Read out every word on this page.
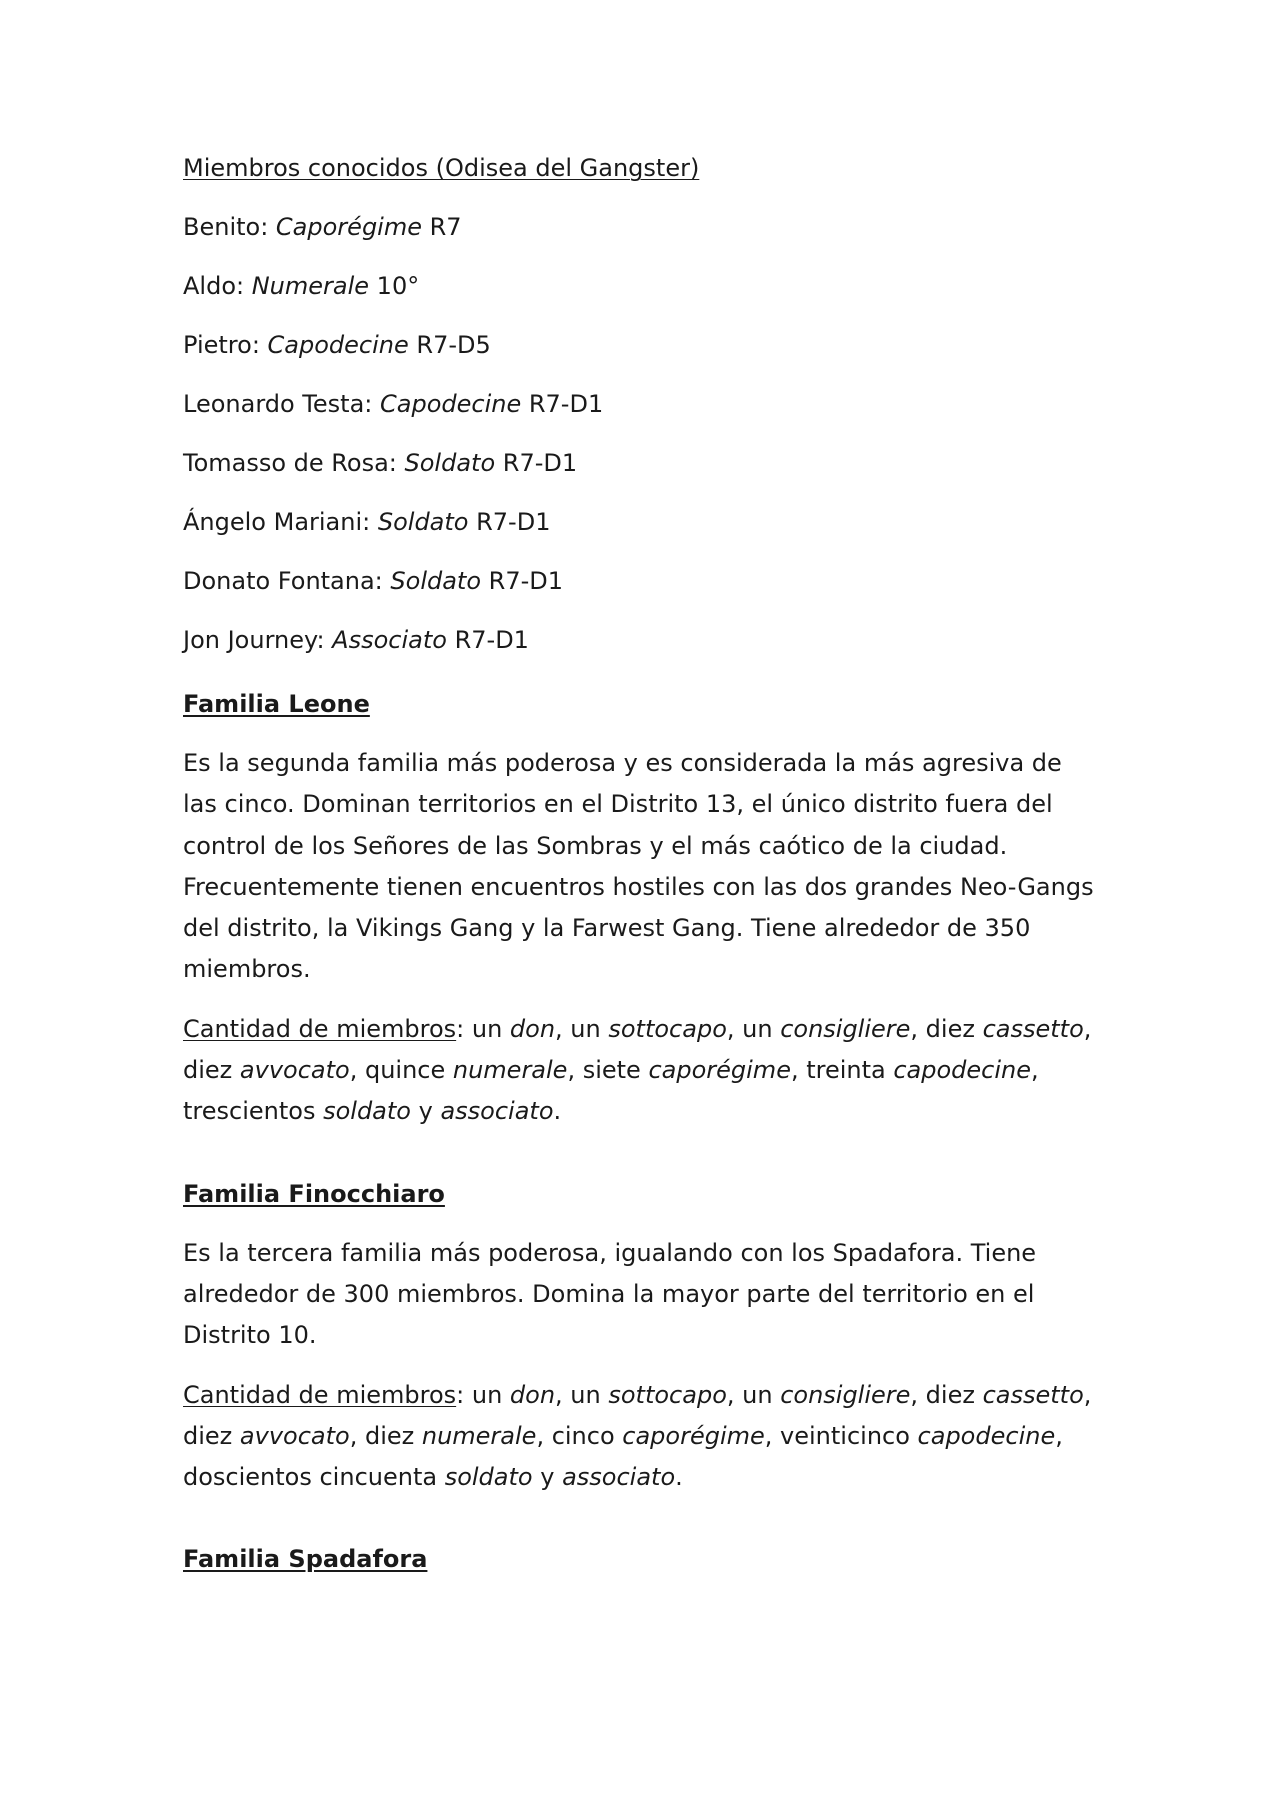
Miembros conocidos (Odisea del Gangster)

Benito: Caporégime R7

Aldo: Numerale 10°

Pietro: Capodecine R7-D5

Leonardo Testa: Capodecine R7-D1

Tomasso de Rosa: Soldato R7-D1

Ángelo Mariani: Soldato R7-D1

Donato Fontana: Soldato R7-D1

Jon Journey: Associato R7-D1

Familia Leone

Es la segunda familia más poderosa y es considerada la más agresiva de las cinco. Dominan territorios en el Distrito 13, el único distrito fuera del control de los Señores de las Sombras y el más caótico de la ciudad. Frecuentemente tienen encuentros hostiles con las dos grandes Neo-Gangs del distrito, la Vikings Gang y la Farwest Gang. Tiene alrededor de 350 miembros.

Cantidad de miembros: un don, un sottocapo, un consigliere, diez cassetto, diez avvocato, quince numerale, siete caporégime, treinta capodecine, trescientos soldato y associato.

Familia Finocchiaro

Es la tercera familia más poderosa, igualando con los Spadafora. Tiene alrededor de 300 miembros. Domina la mayor parte del territorio en el Distrito 10.

Cantidad de miembros: un don, un sottocapo, un consigliere, diez cassetto, diez avvocato, diez numerale, cinco caporégime, veinticinco capodecine, doscientos cincuenta soldato y associato.

Familia Spadafora
